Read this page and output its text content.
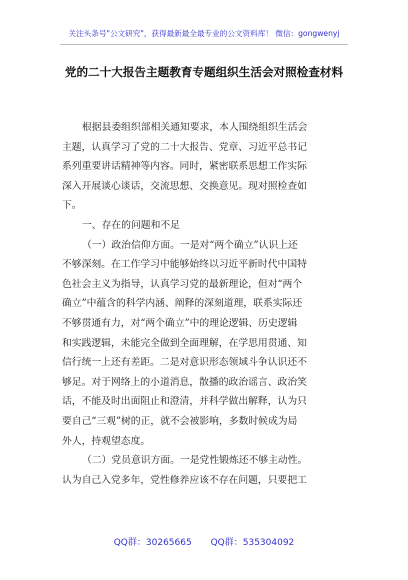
关注头条号"公文研究"，获得最新最全最专业的公文资料库！ 微信：gongwenyj
党的二十大报告主题教育专题组织生活会对照检查材料
根据县委组织部相关通知要求，本人围绕组织生活会
主题，认真学习了党的二十大报告、党章、习近平总书记
系列重要讲话精神等内容。同时，紧密联系思想工作实际
深入开展谈心谈话，交流思想、交换意见。现对照检查如
下。
一、存在的问题和不足
（一）政治信仰方面。一是对“两个确立”认识上还
不够深刻。在工作学习中能够始终以习近平新时代中国特
色社会主义为指导，认真学习党的最新理论，但对“两个
确立”中蕴含的科学内涵、阐释的深刻道理，联系实际还
不够贯通有力，对“两个确立”中的理论逻辑、历史逻辑
和实践逻辑，未能完全做到全面理解，在学思用贯通、知
信行统一上还有差距。二是对意识形态领域斗争认识还不
够足。对于网络上的小道消息，散播的政治谣言、政治笑
话，不能及时出面阻止和澄清，并科学做出解释，认为只
要自己“三观”树的正，就不会被影响，多数时候成为局
外人，持观望态度。
（二）党员意识方面。一是党性锻炼还不够主动性。
认为自己入党多年，党性修养应该不存在问题，只要把工
QQ群：30265665 QQ群：535304092
